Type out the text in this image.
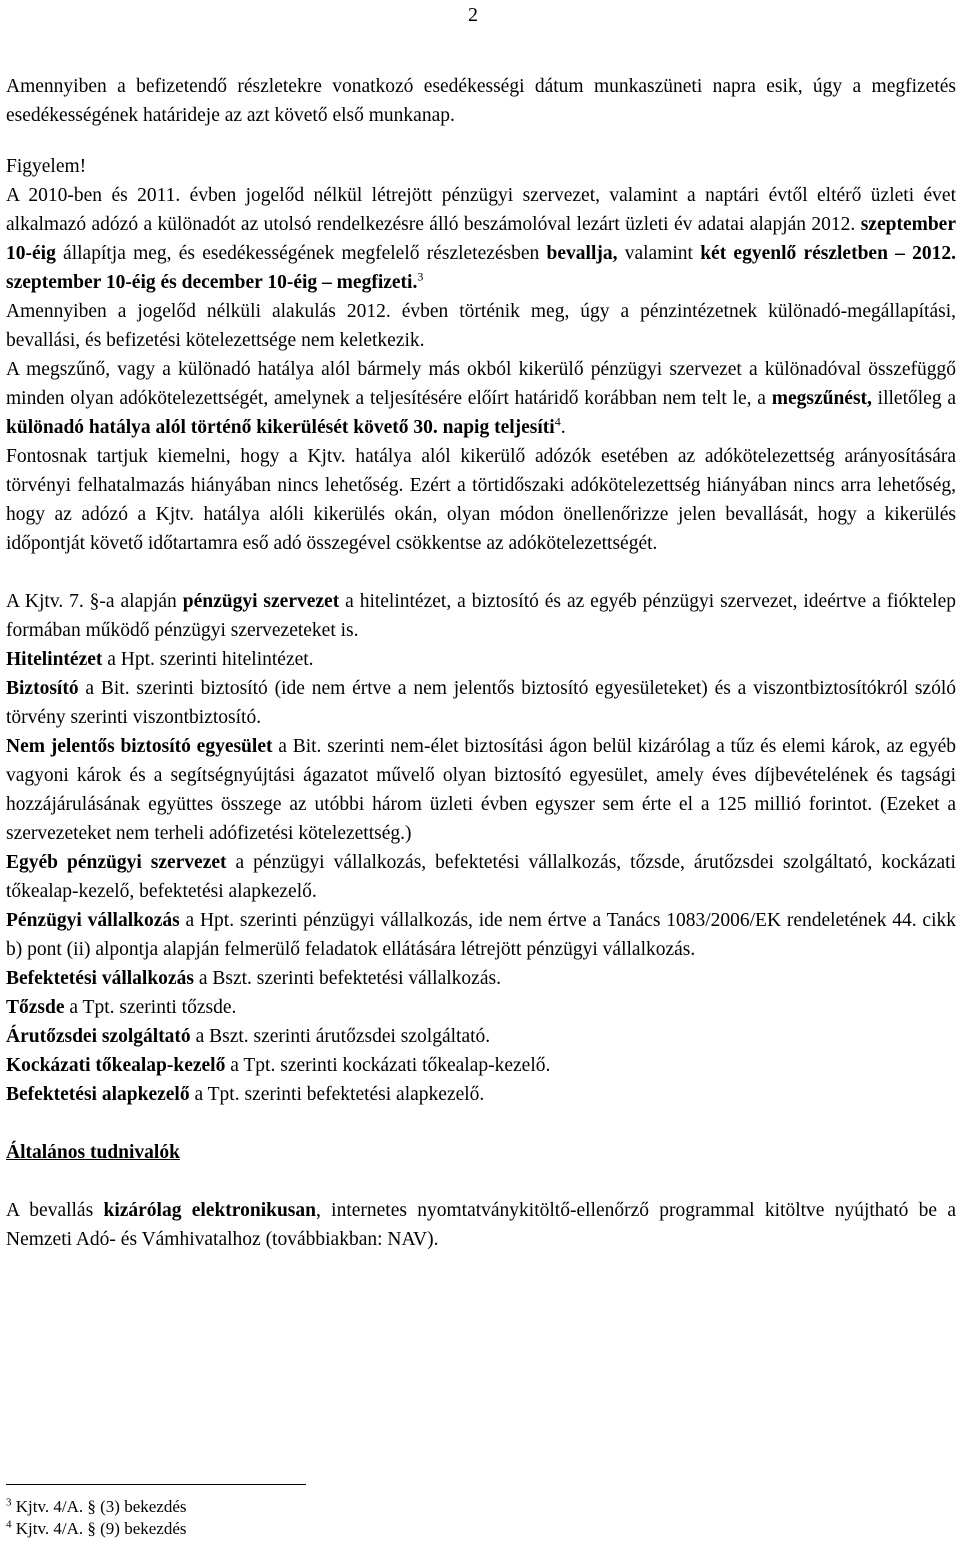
2

Amennyiben a befizetendő részletekre vonatkozó esedékességi dátum munkaszüneti napra esik, úgy a megfizetés esedékességének határideje az azt követő első munkanap.

Figyelem!

A 2010-ben és 2011. évben jogelőd nélkül létrejött pénzügyi szervezet, valamint a naptári évtől eltérő üzleti évet alkalmazó adózó a különadót az utolsó rendelkezésre álló beszámolóval lezárt üzleti év adatai alapján 2012. szeptember 10-éig állapítja meg, és esedékességének megfelelő részletezésben bevallja, valamint két egyenlő részletben – 2012. szeptember 10-éig és december 10-éig – megfizeti.$^3$

Amennyiben a jogelőd nélküli alakulás 2012. évben történik meg, úgy a pénzintézetnek különadó-megállapítási, bevallási, és befizetési kötelezettsége nem keletkezik.

A megszűnő, vagy a különadó hatálya alól bármely más okból kikerülő pénzügyi szervezet a különadóval összefüggő minden olyan adókötelezettségét, amelynek a teljesítésére előírt határidő korábban nem telt le, a megszűnést, illetőleg a különadó hatálya alól történő kikerülését követő 30. napig teljesíti$^4$.

Fontosnak tartjuk kiemelni, hogy a Kjtv. hatálya alól kikerülő adózók esetében az adókötelezettség arányosítására törvényi felhatalmazás hiányában nincs lehetőség. Ezért a törtidőszaki adókötelezettség hiányában nincs arra lehetőség, hogy az adózó a Kjtv. hatálya alóli kikerülés okán, olyan módon önellenőrizze jelen bevallását, hogy a kikerülés időpontját követő időtartamra eső adó összegével csökkentse az adókötelezettségét.

A Kjtv. 7. §-a alapján pénzügyi szervezet a hitelintézet, a biztosító és az egyéb pénzügyi szervezet, ideértve a fióktelep formában működő pénzügyi szervezeteket is.

Hitelintézet a Hpt. szerinti hitelintézet.

Biztosító a Bit. szerinti biztosító (ide nem értve a nem jelentős biztosító egyesületeket) és a viszontbiztosítókról szóló törvény szerinti viszontbiztosító.

Nem jelentős biztosító egyesület a Bit. szerinti nem-élet biztosítási ágon belül kizárólag a tűz és elemi károk, az egyéb vagyoni károk és a segítségnyújtási ágazatot művelő olyan biztosító egyesület, amely éves díjbevételének és tagsági hozzájárulásának együttes összege az utóbbi három üzleti évben egyszer sem érte el a 125 millió forintot. (Ezeket a szervezeteket nem terheli adófizetési kötelezettség.)

Egyéb pénzügyi szervezet a pénzügyi vállalkozás, befektetési vállalkozás, tőzsde, árutőzsdei szolgáltató, kockázati tőkealap-kezelő, befektetési alapkezelő.

Pénzügyi vállalkozás a Hpt. szerinti pénzügyi vállalkozás, ide nem értve a Tanács 1083/2006/EK rendeletének 44. cikk b) pont (ii) alpontja alapján felmerülő feladatok ellátására létrejött pénzügyi vállalkozás.

Befektetési vállalkozás a Bszt. szerinti befektetési vállalkozás.

Tőzsde a Tpt. szerinti tőzsde.

Árutőzsdei szolgáltató a Bszt. szerinti árutőzsdei szolgáltató.

Kockázati tőkealap-kezelő a Tpt. szerinti kockázati tőkealap-kezelő.

Befektetési alapkezelő a Tpt. szerinti befektetési alapkezelő.

Általános tudnivalók

A bevallás kizárólag elektronikusan, internetes nyomtatványkitöltő-ellenőrző programmal kitöltve nyújtható be a Nemzeti Adó- és Vámhivatalhoz (továbbiakban: NAV).

$^3$ Kjtv. 4/A. § (3) bekezdés
$^4$ Kjtv. 4/A. § (9) bekezdés
